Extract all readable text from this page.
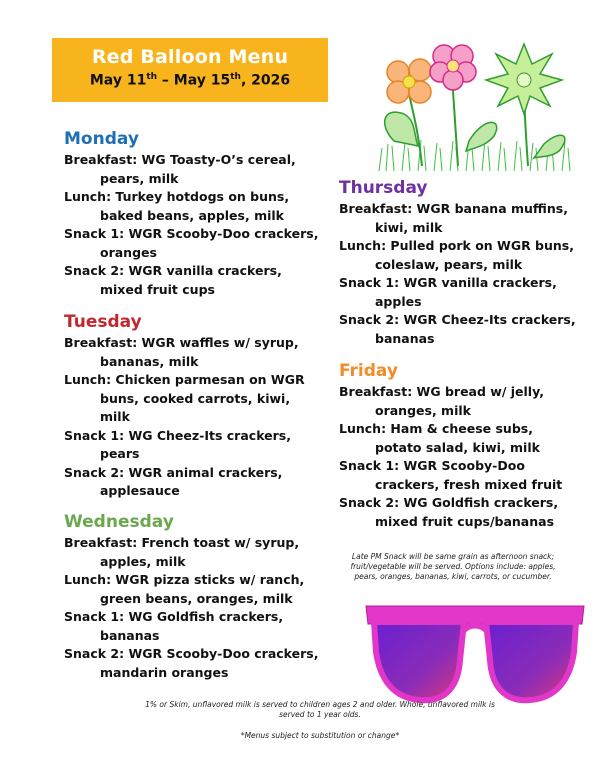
Red Balloon Menu
May 11th – May 15th, 2026
Monday
Breakfast: WG Toasty-O’s cereal, pears, milk
Lunch: Turkey hotdogs on buns, baked beans, apples, milk
Snack 1: WGR Scooby-Doo crackers, oranges
Snack 2: WGR vanilla crackers, mixed fruit cups
Tuesday
Breakfast: WGR waffles w/ syrup, bananas, milk
Lunch: Chicken parmesan on WGR buns, cooked carrots, kiwi, milk
Snack 1: WG Cheez-Its crackers, pears
Snack 2: WGR animal crackers, applesauce
Wednesday
Breakfast: French toast w/ syrup, apples, milk
Lunch: WGR pizza sticks w/ ranch, green beans, oranges, milk
Snack 1: WG Goldfish crackers, bananas
Snack 2: WGR Scooby-Doo crackers, mandarin oranges
Thursday
Breakfast: WGR banana muffins, kiwi, milk
Lunch: Pulled pork on WGR buns, coleslaw, pears, milk
Snack 1: WGR vanilla crackers, apples
Snack 2: WGR Cheez-Its crackers, bananas
Friday
Breakfast: WG bread w/ jelly, oranges, milk
Lunch: Ham & cheese subs, potato salad, kiwi, milk
Snack 1: WGR Scooby-Doo crackers, fresh mixed fruit
Snack 2: WG Goldfish crackers, mixed fruit cups/bananas
Late PM Snack will be same grain as afternoon snack; fruit/vegetable will be served. Options include: apples, pears, oranges, bananas, kiwi, carrots, or cucumber.
1% or Skim, unflavored milk is served to children ages 2 and older. Whole, unflavored milk is served to 1 year olds.
*Menus subject to substitution or change*
